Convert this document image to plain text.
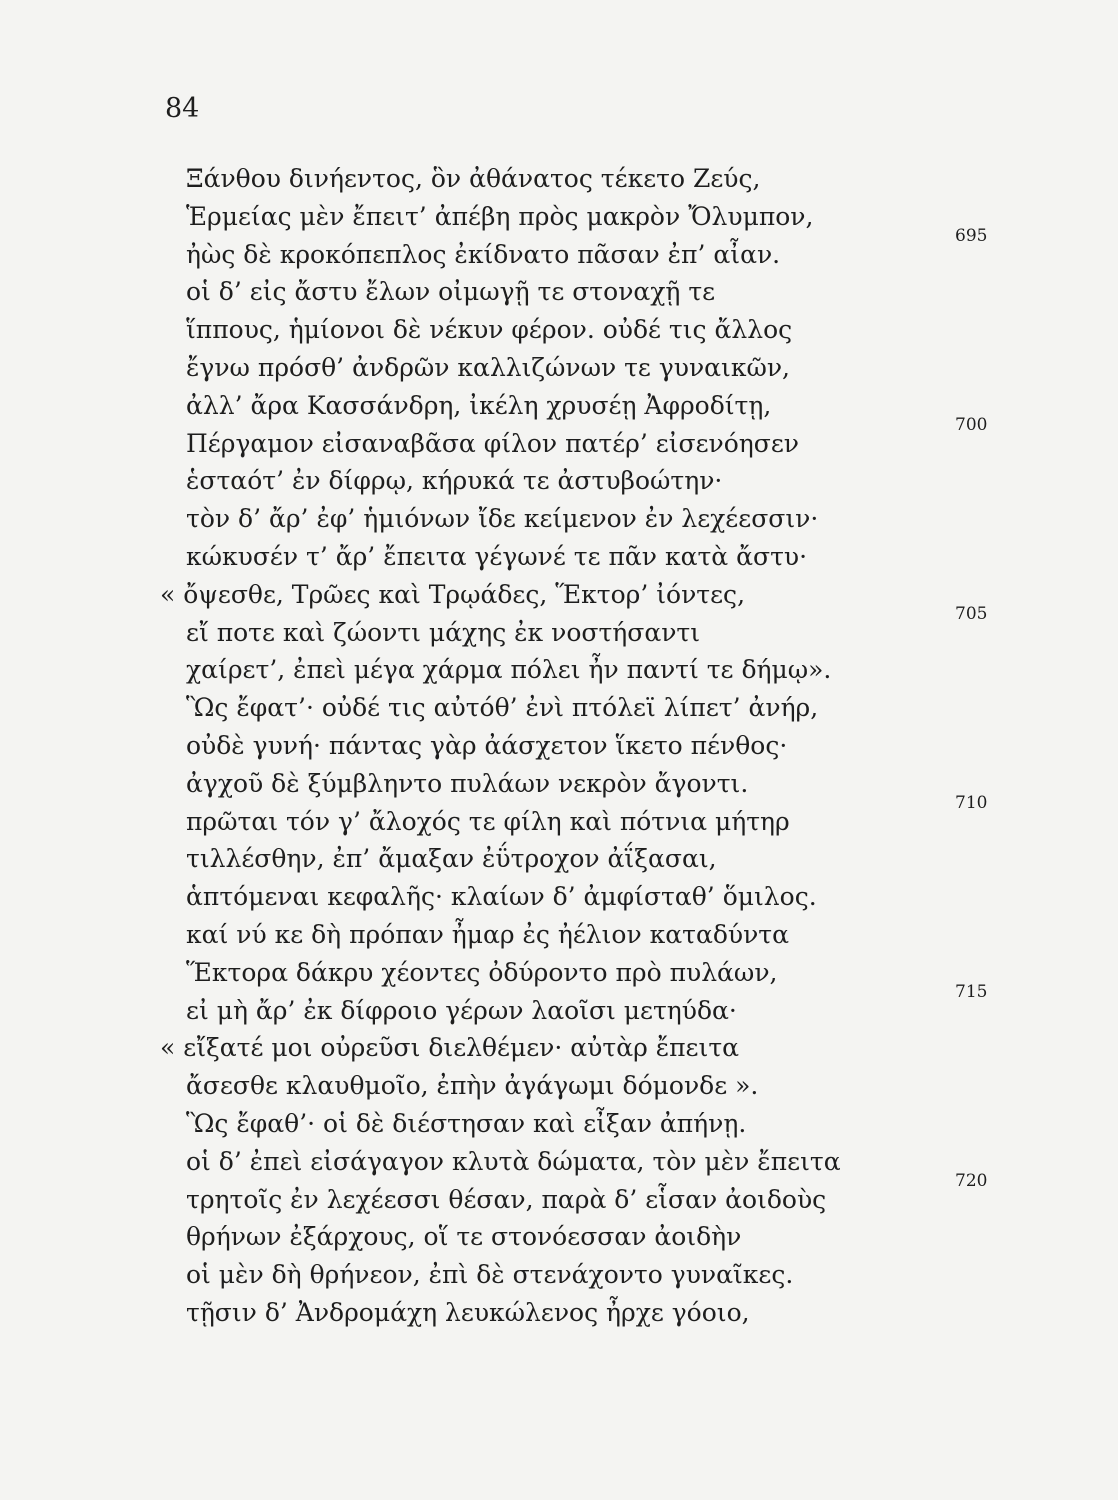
84
Ξάνθου δινήεντος, ὃν ἀθάνατος τέκετο Ζεύς,
Ἑρμείας μὲν ἔπειτ’ ἀπέβη πρὸς μακρὸν Ὄλυμπον,
ἠὼς δὲ κροκόπεπλος ἐκίδνατο πᾶσαν ἐπ’ αἶαν.
695
οἱ δ’ εἰς ἄστυ ἔλων οἰμωγῇ τε στοναχῇ τε
ἵππους, ἡμίονοι δὲ νέκυν φέρον. οὐδέ τις ἄλλος
ἔγνω πρόσθ’ ἀνδρῶν καλλιζώνων τε γυναικῶν,
ἀλλ’ ἄρα Κασσάνδρη, ἰκέλη χρυσέῃ Ἀφροδίτῃ,
Πέργαμον εἰσαναβᾶσα φίλον πατέρ’ εἰσενόησεν
700
ἑσταότ’ ἐν δίφρῳ, κήρυκά τε ἀστυβοώτην·
τὸν δ’ ἄρ’ ἐφ’ ἡμιόνων ἴδε κείμενον ἐν λεχέεσσιν·
κώκυσέν τ’ ἄρ’ ἔπειτα γέγωνέ τε πᾶν κατὰ ἄστυ·
« ὄψεσθε, Τρῶες καὶ Τρῳάδες, Ἕκτορ’ ἰόντες,
εἴ ποτε καὶ ζώοντι μάχης ἐκ νοστήσαντι
705
χαίρετ’, ἐπεὶ μέγα χάρμα πόλει ἦν παντί τε δήμῳ».
Ὣς ἔφατ’· οὐδέ τις αὐτόθ’ ἐνὶ πτόλεϊ λίπετ’ ἀνήρ,
οὐδὲ γυνή· πάντας γὰρ ἀάσχετον ἵκετο πένθος·
ἀγχοῦ δὲ ξύμβληντο πυλάων νεκρὸν ἄγοντι.
πρῶται τόν γ’ ἄλοχός τε φίλη καὶ πότνια μήτηρ
710
τιλλέσθην, ἐπ’ ἄμαξαν ἐΰτροχον ἀΐξασαι,
ἁπτόμεναι κεφαλῆς· κλαίων δ’ ἀμφίσταθ’ ὅμιλος.
καί νύ κε δὴ πρόπαν ἦμαρ ἐς ἠέλιον καταδύντα
Ἕκτορα δάκρυ χέοντες ὀδύροντο πρὸ πυλάων,
εἰ μὴ ἄρ’ ἐκ δίφροιο γέρων λαοῖσι μετηύδα·
715
« εἴξατέ μοι οὐρεῦσι διελθέμεν· αὐτὰρ ἔπειτα
ἄσεσθε κλαυθμοῖο, ἐπὴν ἀγάγωμι δόμονδε ».
Ὣς ἔφαθ’· οἱ δὲ διέστησαν καὶ εἶξαν ἀπήνῃ.
οἱ δ’ ἐπεὶ εἰσάγαγον κλυτὰ δώματα, τὸν μὲν ἔπειτα
τρητοῖς ἐν λεχέεσσι θέσαν, παρὰ δ’ εἷσαν ἀοιδοὺς
720
θρήνων ἐξάρχους, οἵ τε στονόεσσαν ἀοιδὴν
οἱ μὲν δὴ θρήνεον, ἐπὶ δὲ στενάχοντο γυναῖκες.
τῇσιν δ’ Ἀνδρομάχη λευκώλενος ἦρχε γόοιο,
